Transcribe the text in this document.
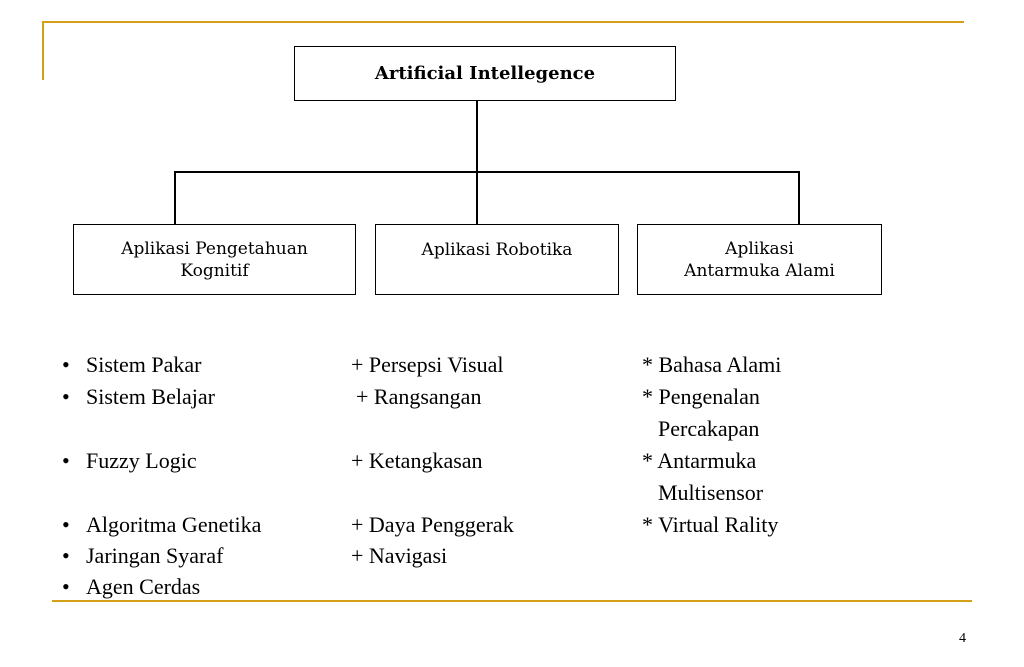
Artificial Intellegence
Aplikasi Pengetahuan
Kognitif
Aplikasi Robotika	Aplikasi
Antarmuka Alami
• Sistem Pakar
• Sistem Belajar
• Fuzzy Logic
• Algoritma Genetika
• Jaringan Syaraf
• Agen Cerdas
+ Persepsi Visual
+ Rangsangan
+ Ketangkasan
+ Daya Penggerak
+ Navigasi
* Bahasa Alami
* Pengenalan
Percakapan
* Antarmuka
Multisensor
* Virtual Rality
4
